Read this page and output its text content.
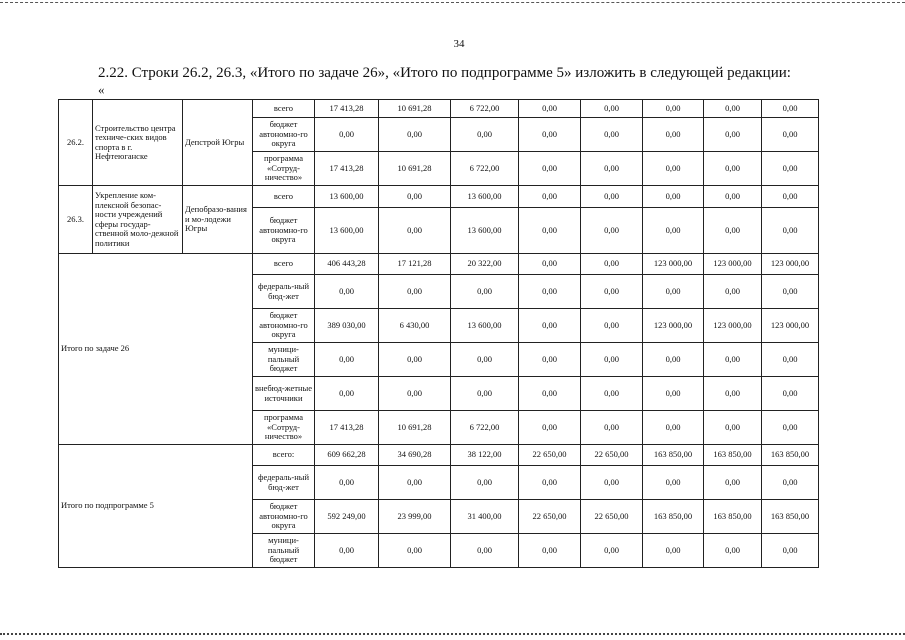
34
2.22. Строки 26.2, 26.3, «Итого по задаче 26», «Итого по подпрограмме 5» изложить в следующей редакции:
«
26.2.	Строительство центра техниче-ских видов спорта в г. Нефтеюганске	Депстрой Югры	всего	17 413,28	10 691,28	6 722,00	0,00	0,00	0,00	0,00	0,00
			бюджет автономно-го округа	0,00	0,00	0,00	0,00	0,00	0,00	0,00	0,00
			программа «Сотруд-ничество»	17 413,28	10 691,28	6 722,00	0,00	0,00	0,00	0,00	0,00
26.3.	Укрепление ком-плексной безопас-ности учреждений сферы государ-ственной моло-дежной политики	Депобразо-вания и мо-лодежи Югры	всего	13 600,00	0,00	13 600,00	0,00	0,00	0,00	0,00	0,00
			бюджет автономно-го округа	13 600,00	0,00	13 600,00	0,00	0,00	0,00	0,00	0,00
Итого по задаче 26			всего	406 443,28	17 121,28	20 322,00	0,00	0,00	123 000,00	123 000,00	123 000,00
			федераль-ный бюд-жет	0,00	0,00	0,00	0,00	0,00	0,00	0,00	0,00
			бюджет автономно-го округа	389 030,00	6 430,00	13 600,00	0,00	0,00	123 000,00	123 000,00	123 000,00
			муници-пальный бюджет	0,00	0,00	0,00	0,00	0,00	0,00	0,00	0,00
			внебюд-жетные источники	0,00	0,00	0,00	0,00	0,00	0,00	0,00	0,00
			программа «Сотруд-ничество»	17 413,28	10 691,28	6 722,00	0,00	0,00	0,00	0,00	0,00
Итого по подпрограмме 5			всего:	609 662,28	34 690,28	38 122,00	22 650,00	22 650,00	163 850,00	163 850,00	163 850,00
			федераль-ный бюд-жет	0,00	0,00	0,00	0,00	0,00	0,00	0,00	0,00
			бюджет автономно-го округа	592 249,00	23 999,00	31 400,00	22 650,00	22 650,00	163 850,00	163 850,00	163 850,00
			муници-пальный бюджет	0,00	0,00	0,00	0,00	0,00	0,00	0,00	0,00
